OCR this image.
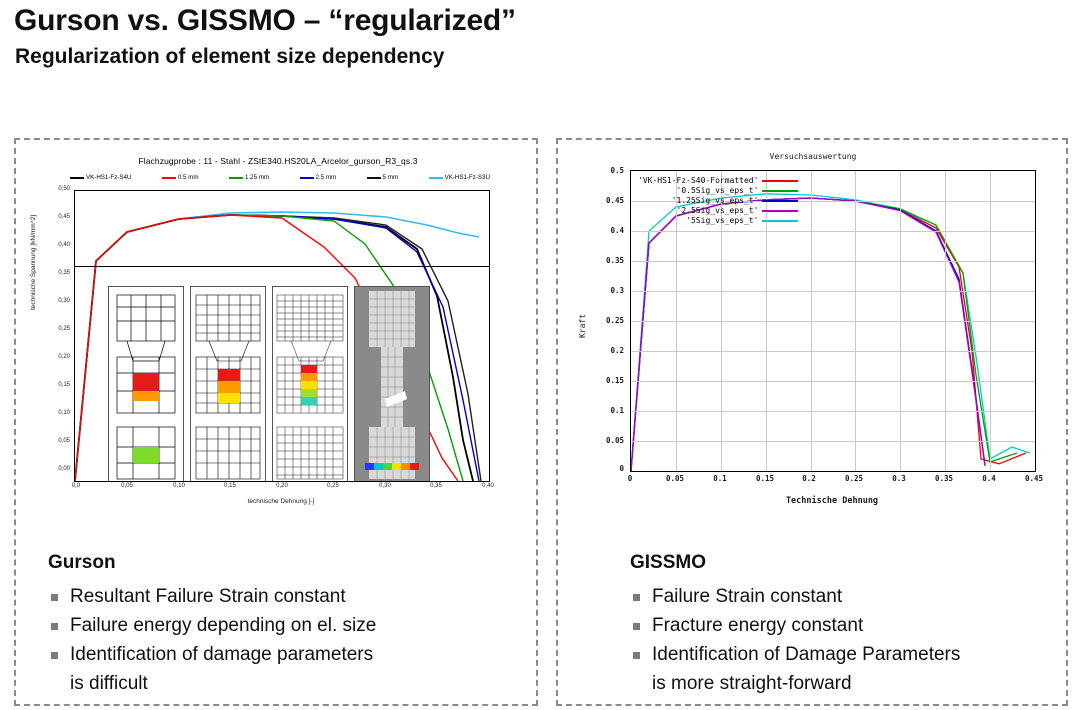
Gurson vs. GISSMO – “regularized”
Regularization of element size dependency
Flachzugprobe : 11 - Stahl - ZStE340.HS20LA_Arcelor_gurson_R3_qs.3
VK-HS1-Fz-S4U	0.5 mm	1.25 mm	2.5 mm	5 mm	VK-HS1-Fz-S3U
0,50
0,45
0,40
0,35
0,30
0,25
0,20
0,15
0,10
0,05
0,00
technische Spannung [kN/mm^2]
0,0	0,05	0,10	0,15	0,20	0,25	0,30	0,35	0,40
technische Dehnung [-]
Gurson
Resultant Failure Strain constant
Failure energy depending on el. size
Identification of damage parameters
is difficult
Versuchsauswertung
'VK-HS1-Fz-S40-Formatted'
'0.5Sig_vs_eps_t'
'1.25Sig_vs_eps_t'
'2.5Sig_vs_eps_t'
'5Sig_vs_eps_t'
0.5
0.45
0.4
0.35
0.3
0.25
0.2
0.15
0.1
0.05
0
Kraft
0	0.05	0.1	0.15	0.2	0.25	0.3	0.35	0.4	0.45
Technische Dehnung
GISSMO
Failure Strain constant
Fracture energy constant
Identification of Damage Parameters
is more straight-forward
